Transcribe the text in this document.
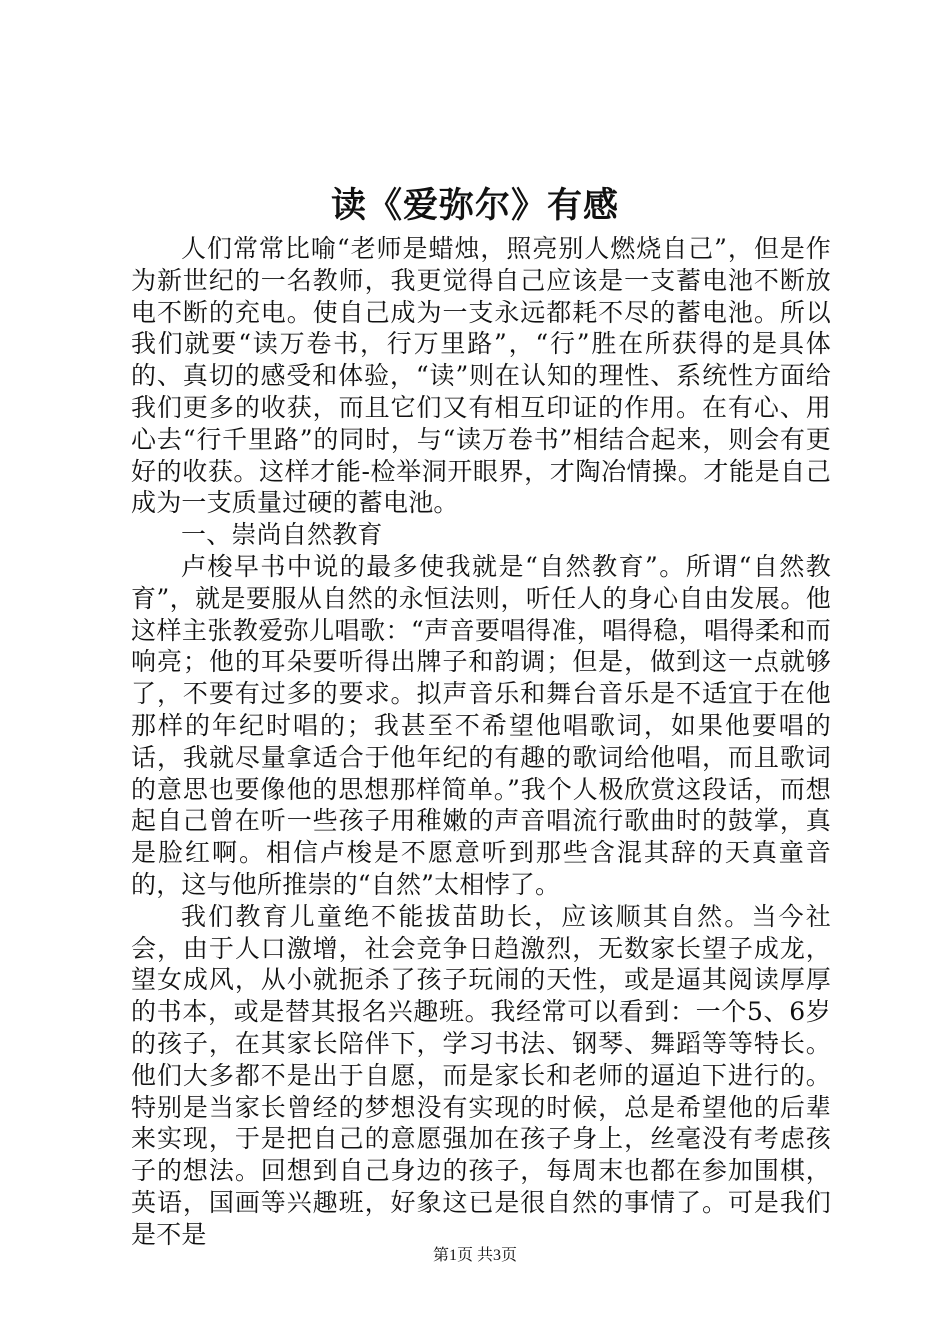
读《爱弥尔》有感

人们常常比喻“老师是蜡烛，照亮别人燃烧自己”，但是作为新世纪的一名教师，我更觉得自己应该是一支蓄电池不断放电不断的充电。使自己成为一支永远都耗不尽的蓄电池。所以我们就要“读万卷书，行万里路”，“行”胜在所获得的是具体的、真切的感受和体验，“读”则在认知的理性、系统性方面给我们更多的收获，而且它们又有相互印证的作用。在有心、用心去“行千里路”的同时，与“读万卷书”相结合起来，则会有更好的收获。这样才能-检举洞开眼界，才陶冶情操。才能是自己成为一支质量过硬的蓄电池。

一、崇尚自然教育

卢梭早书中说的最多使我就是“自然教育”。所谓“自然教育”，就是要服从自然的永恒法则，听任人的身心自由发展。他这样主张教爱弥儿唱歌：“声音要唱得准，唱得稳，唱得柔和而响亮；他的耳朵要听得出牌子和韵调；但是，做到这一点就够了，不要有过多的要求。拟声音乐和舞台音乐是不适宜于在他那样的年纪时唱的；我甚至不希望他唱歌词，如果他要唱的话，我就尽量拿适合于他年纪的有趣的歌词给他唱，而且歌词的意思也要像他的思想那样简单。”我个人极欣赏这段话，而想起自己曾在听一些孩子用稚嫩的声音唱流行歌曲时的鼓掌，真是脸红啊。相信卢梭是不愿意听到那些含混其辞的天真童音的，这与他所推崇的“自然”太相悖了。

我们教育儿童绝不能拔苗助长，应该顺其自然。当今社会，由于人口激增，社会竞争日趋激烈，无数家长望子成龙，望女成风，从小就扼杀了孩子玩闹的天性，或是逼其阅读厚厚的书本，或是替其报名兴趣班。我经常可以看到：一个5、6岁的孩子，在其家长陪伴下，学习书法、钢琴、舞蹈等等特长。他们大多都不是出于自愿，而是家长和老师的逼迫下进行的。特别是当家长曾经的梦想没有实现的时候，总是希望他的后辈来实现，于是把自己的意愿强加在孩子身上，丝毫没有考虑孩子的想法。回想到自己身边的孩子，每周末也都在参加围棋，英语，国画等兴趣班，好象这已是很自然的事情了。可是我们是不是

第1页 共3页
